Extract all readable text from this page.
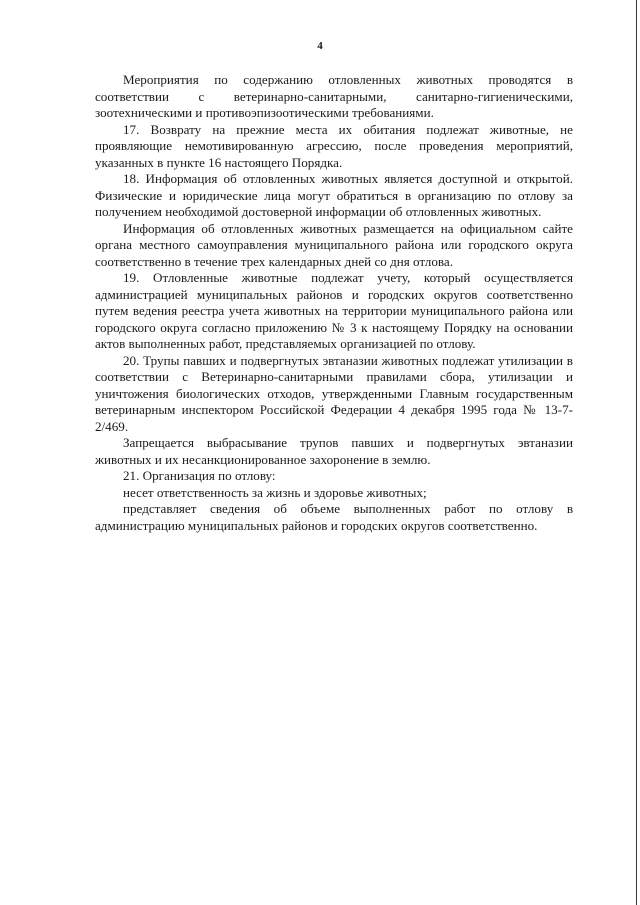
4

Мероприятия по содержанию отловленных животных проводятся в соответствии с ветеринарно-санитарными, санитарно-гигиеническими, зоотехническими и противоэпизоотическими требованиями.

17. Возврату на прежние места их обитания подлежат животные, не проявляющие немотивированную агрессию, после проведения мероприятий, указанных в пункте 16 настоящего Порядка.

18. Информация об отловленных животных является доступной и открытой. Физические и юридические лица могут обратиться в организацию по отлову за получением необходимой достоверной информации об отловленных животных.

Информация об отловленных животных размещается на официальном сайте органа местного самоуправления муниципального района или городского округа соответственно в течение трех календарных дней со дня отлова.

19. Отловленные животные подлежат учету, который осуществляется администрацией муниципальных районов и городских округов соответственно путем ведения реестра учета животных на территории муниципального района или городского округа согласно приложению № 3 к настоящему Порядку на основании актов выполненных работ, представляемых организацией по отлову.

20. Трупы павших и подвергнутых эвтаназии животных подлежат утилизации в соответствии с Ветеринарно-санитарными правилами сбора, утилизации и уничтожения биологических отходов, утвержденными Главным государственным ветеринарным инспектором Российской Федерации 4 декабря 1995 года № 13-7-2/469.

Запрещается выбрасывание трупов павших и подвергнутых эвтаназии животных и их несанкционированное захоронение в землю.

21. Организация по отлову:

несет ответственность за жизнь и здоровье животных;

представляет сведения об объеме выполненных работ по отлову в администрацию муниципальных районов и городских округов соответственно.
